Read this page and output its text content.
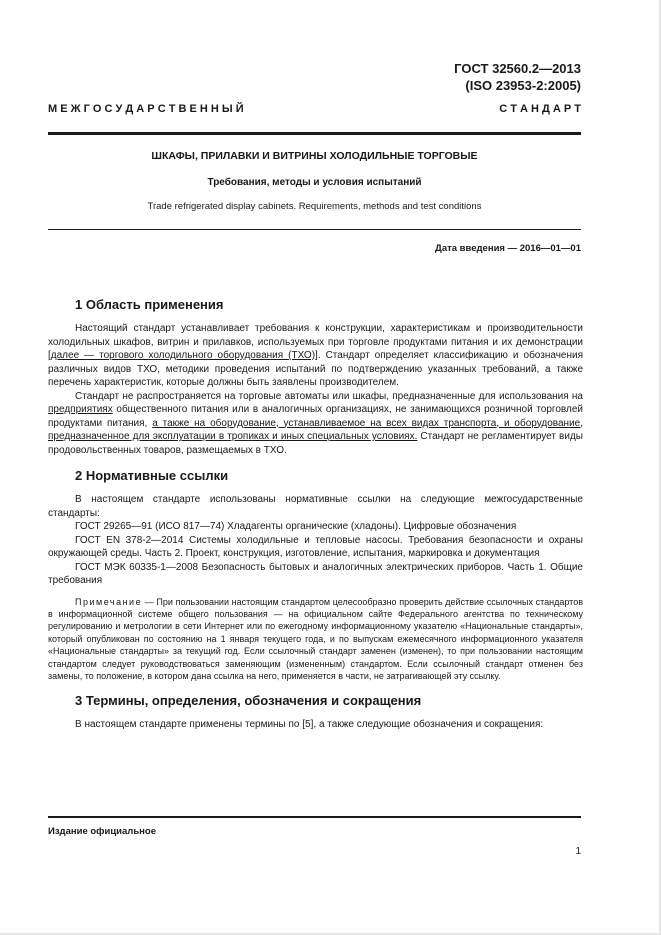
ГОСТ 32560.2—2013
(ISO 23953-2:2005)
М Е Ж Г О С У Д А Р С Т В Е Н Н Ы Й	С Т А Н Д А Р Т
ШКАФЫ, ПРИЛАВКИ И ВИТРИНЫ ХОЛОДИЛЬНЫЕ ТОРГОВЫЕ
Требования, методы и условия испытаний
Trade refrigerated display cabinets. Requirements, methods and test conditions
Дата введения — 2016—01—01
1 Область применения

Настоящий стандарт устанавливает требования к конструкции, характеристикам и производительности холодильных шкафов, витрин и прилавков, используемых при торговле продуктами питания и их демонстрации [далее — торгового холодильного оборудования (ТХО)]. Стандарт определяет классификацию и обозначения различных видов ТХО, методики проведения испытаний по подтверждению указанных требований, а также перечень характеристик, которые должны быть заявлены производителем.

Стандарт не распространяется на торговые автоматы или шкафы, предназначенные для использования на предприятиях общественного питания или в аналогичных организациях, не занимающихся розничной торговлей продуктами питания, а также на оборудование, устанавливаемое на всех видах транспорта, и оборудование, предназначенное для эксплуатации в тропиках и иных специальных условиях. Стандарт не регламентирует виды продовольственных товаров, размещаемых в ТХО.

2 Нормативные ссылки

В настоящем стандарте использованы нормативные ссылки на следующие межгосударственные стандарты:

ГОСТ 29265—91 (ИСО 817—74) Хладагенты органические (хладоны). Цифровые обозначения

ГОСТ EN 378-2—2014 Системы холодильные и тепловые насосы. Требования безопасности и охраны окружающей среды. Часть 2. Проект, конструкция, изготовление, испытания, маркировка и документация

ГОСТ МЭК 60335-1—2008 Безопасность бытовых и аналогичных электрических приборов. Часть 1. Общие требования

Примечание — При пользовании настоящим стандартом целесообразно проверить действие ссылочных стандартов в информационной системе общего пользования — на официальном сайте Федерального агентства по техническому регулированию и метрологии в сети Интернет или по ежегодному информационному указателю «Национальные стандарты», который опубликован по состоянию на 1 января текущего года, и по выпускам ежемесячного информационного указателя «Национальные стандарты» за текущий год. Если ссылочный стандарт заменен (изменен), то при пользовании настоящим стандартом следует руководствоваться заменяющим (измененным) стандартом. Если ссылочный стандарт отменен без замены, то положение, в котором дана ссылка на него, применяется в части, не затрагивающей эту ссылку.

3 Термины, определения, обозначения и сокращения

В настоящем стандарте применены термины по [5], а также следующие обозначения и сокращения:

Издание официальное
1
